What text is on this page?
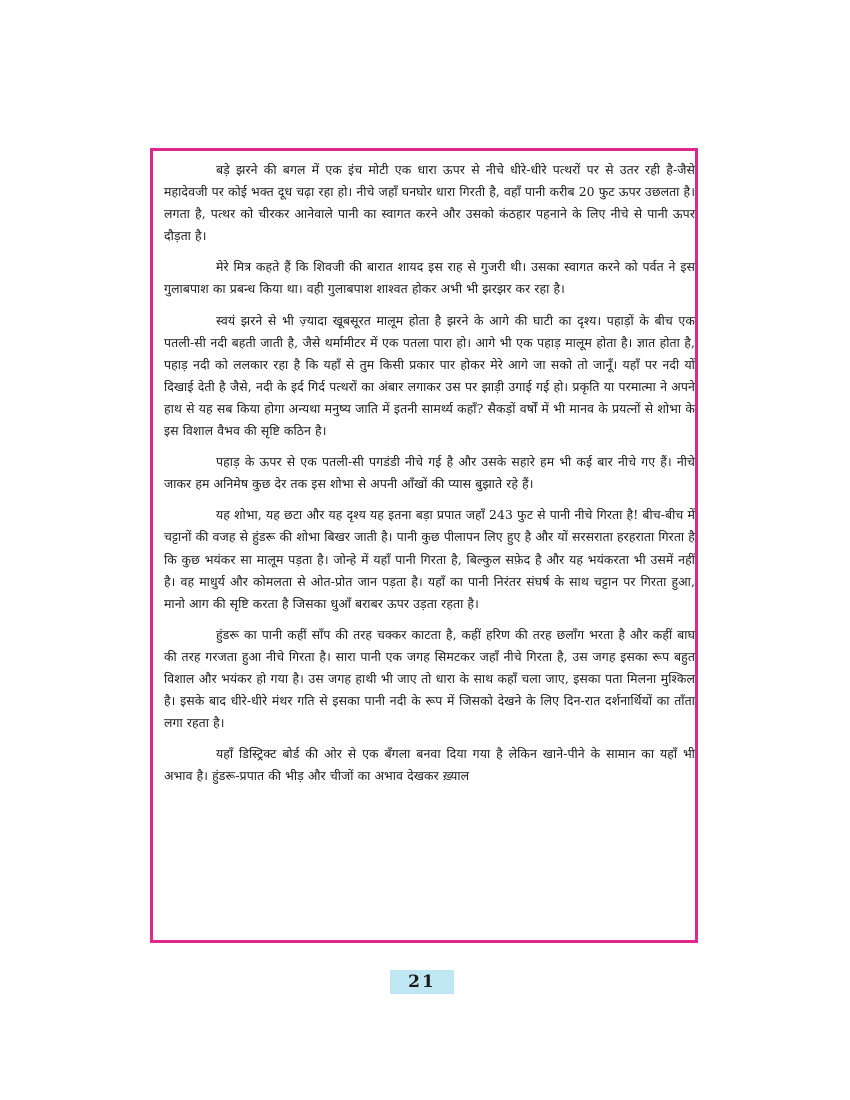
बड़े झरने की बगल में एक इंच मोटी एक धारा ऊपर से नीचे धीरे-धीरे पत्थरों पर से उतर रही है-जैसे महादेवजी पर कोई भक्त दूध चढ़ा रहा हो। नीचे जहाँ घनघोर धारा गिरती है, वहाँ पानी करीब 20 फुट ऊपर उछलता है। लगता है, पत्थर को चीरकर आनेवाले पानी का स्वागत करने और उसको कंठहार पहनाने के लिए नीचे से पानी ऊपर दौड़ता है।

मेरे मित्र कहते हैं कि शिवजी की बारात शायद इस राह से गुजरी थी। उसका स्वागत करने को पर्वत ने इस गुलाबपाश का प्रबन्ध किया था। वही गुलाबपाश शाश्वत होकर अभी भी झरझर कर रहा है।

स्वयं झरने से भी ज़्यादा खूबसूरत मालूम होता है झरने के आगे की घाटी का दृश्य। पहाड़ों के बीच एक पतली-सी नदी बहती जाती है, जैसे थर्मामीटर में एक पतला पारा हो। आगे भी एक पहाड़ मालूम होता है। ज्ञात होता है, पहाड़ नदी को ललकार रहा है कि यहाँ से तुम किसी प्रकार पार होकर मेरे आगे जा सको तो जानूँ। यहाँ पर नदी यों दिखाई देती है जैसे, नदी के इर्द गिर्द पत्थरों का अंबार लगाकर उस पर झाड़ी उगाई गई हो। प्रकृति या परमात्मा ने अपने हाथ से यह सब किया होगा अन्यथा मनुष्य जाति में इतनी सामर्थ्य कहाँ? सैकड़ों वर्षों में भी मानव के प्रयत्नों से शोभा के इस विशाल वैभव की सृष्टि कठिन है।

पहाड़ के ऊपर से एक पतली-सी पगडंडी नीचे गई है और उसके सहारे हम भी कई बार नीचे गए हैं। नीचे जाकर हम अनिमेष कुछ देर तक इस शोभा से अपनी आँखों की प्यास बुझाते रहे हैं।

यह शोभा, यह छटा और यह दृश्य यह इतना बड़ा प्रपात जहाँ 243 फुट से पानी नीचे गिरता है! बीच-बीच में चट्टानों की वजह से हुंडरू की शोभा बिखर जाती है। पानी कुछ पीलापन लिए हुए है और यों सरसराता हरहराता गिरता है कि कुछ भयंकर सा मालूम पड़ता है। जोन्हे में यहाँ पानी गिरता है, बिल्कुल सफ़ेद है और यह भयंकरता भी उसमें नहीं है। वह माधुर्य और कोमलता से ओत-प्रोत जान पड़ता है। यहाँ का पानी निरंतर संघर्ष के साथ चट्टान पर गिरता हुआ, मानो आग की सृष्टि करता है जिसका धुआँ बराबर ऊपर उड़ता रहता है।

हुंडरू का पानी कहीं साँप की तरह चक्कर काटता है, कहीं हरिण की तरह छलाँग भरता है और कहीं बाघ की तरह गरजता हुआ नीचे गिरता है। सारा पानी एक जगह सिमटकर जहाँ नीचे गिरता है, उस जगह इसका रूप बहुत विशाल और भयंकर हो गया है। उस जगह हाथी भी जाए तो धारा के साथ कहाँ चला जाए, इसका पता मिलना मुश्किल है। इसके बाद धीरे-धीरे मंथर गति से इसका पानी नदी के रूप में जिसको देखने के लिए दिन-रात दर्शनार्थियों का ताँता लगा रहता है।

यहाँ डिस्ट्रिक्ट बोर्ड की ओर से एक बँगला बनवा दिया गया है लेकिन खाने-पीने के सामान का यहाँ भी अभाव है। हुंडरू-प्रपात की भीड़ और चीजों का अभाव देखकर ख़्याल

21
